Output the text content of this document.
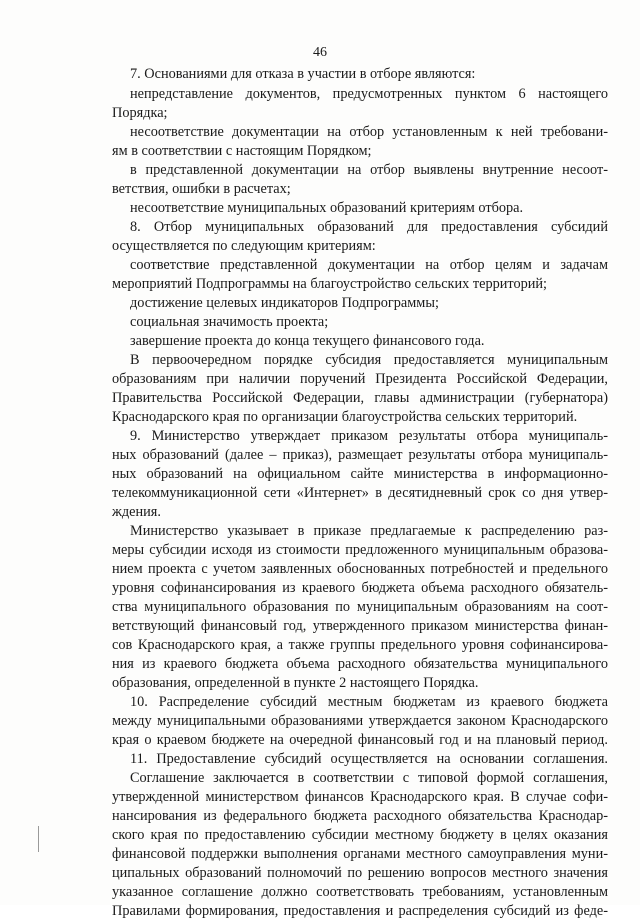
46
7. Основаниями для отказа в участии в отборе являются:
непредставление документов, предусмотренных пунктом 6 настоящего
Порядка;
несоответствие документации на отбор установленным к ней требовани-
ям в соответствии с настоящим Порядком;
в представленной документации на отбор выявлены внутренние несоот-
ветствия, ошибки в расчетах;
несоответствие муниципальных образований критериям отбора.
8. Отбор муниципальных образований для предоставления субсидий
осуществляется по следующим критериям:
соответствие представленной документации на отбор целям и задачам
мероприятий Подпрограммы на благоустройство сельских территорий;
достижение целевых индикаторов Подпрограммы;
социальная значимость проекта;
завершение проекта до конца текущего финансового года.
В первоочередном порядке субсидия предоставляется муниципальным
образованиям при наличии поручений Президента Российской Федерации,
Правительства Российской Федерации, главы администрации (губернатора)
Краснодарского края по организации благоустройства сельских территорий.
9. Министерство утверждает приказом результаты отбора муниципаль-
ных образований (далее – приказ), размещает результаты отбора муниципаль-
ных образований на официальном сайте министерства в информационно-
телекоммуникационной сети «Интернет» в десятидневный срок со дня утвер-
ждения.
Министерство указывает в приказе предлагаемые к распределению раз-
меры субсидии исходя из стоимости предложенного муниципальным образова-
нием проекта с учетом заявленных обоснованных потребностей и предельного
уровня софинансирования из краевого бюджета объема расходного обязатель-
ства муниципального образования по муниципальным образованиям на соот-
ветствующий финансовый год, утвержденного приказом министерства финан-
сов Краснодарского края, а также группы предельного уровня софинансирова-
ния из краевого бюджета объема расходного обязательства муниципального
образования, определенной в пункте 2 настоящего Порядка.
10. Распределение субсидий местным бюджетам из краевого бюджета
между муниципальными образованиями утверждается законом Краснодарского
края о краевом бюджете на очередной финансовый год и на плановый период.
11. Предоставление субсидий осуществляется на основании соглашения.
Соглашение заключается в соответствии с типовой формой соглашения,
утвержденной министерством финансов Краснодарского края. В случае софи-
нансирования из федерального бюджета расходного обязательства Краснодар-
ского края по предоставлению субсидии местному бюджету в целях оказания
финансовой поддержки выполнения органами местного самоуправления муни-
ципальных образований полномочий по решению вопросов местного значения
указанное соглашение должно соответствовать требованиям, установленным
Правилами формирования, предоставления и распределения субсидий из феде-
